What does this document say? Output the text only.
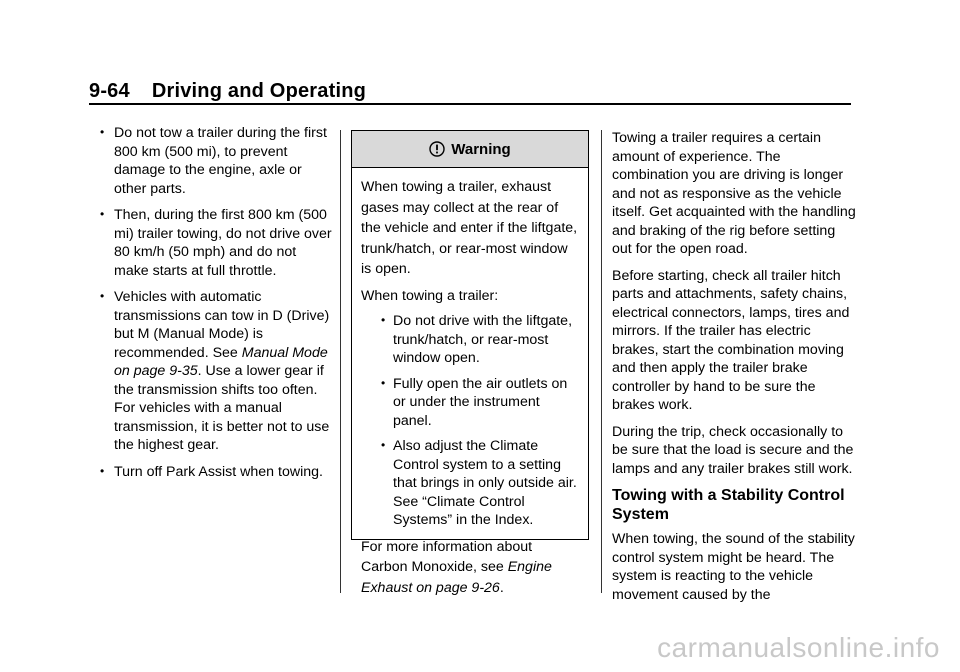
9-64 Driving and Operating
• Do not tow a trailer during the first 800 km (500 mi), to prevent damage to the engine, axle or other parts.
• Then, during the first 800 km (500 mi) trailer towing, do not drive over 80 km/h (50 mph) and do not make starts at full throttle.
• Vehicles with automatic transmissions can tow in D (Drive) but M (Manual Mode) is recommended. See Manual Mode on page 9-35. Use a lower gear if the transmission shifts too often. For vehicles with a manual transmission, it is better not to use the highest gear.
• Turn off Park Assist when towing.
Warning

When towing a trailer, exhaust gases may collect at the rear of the vehicle and enter if the liftgate, trunk/hatch, or rear-most window is open.

When towing a trailer:

• Do not drive with the liftgate, trunk/hatch, or rear-most window open.
• Fully open the air outlets on or under the instrument panel.
• Also adjust the Climate Control system to a setting that brings in only outside air. See “Climate Control Systems” in the Index.

For more information about Carbon Monoxide, see Engine Exhaust on page 9-26.

Towing a trailer requires a certain amount of experience. The combination you are driving is longer and not as responsive as the vehicle itself. Get acquainted with the handling and braking of the rig before setting out for the open road.

Before starting, check all trailer hitch parts and attachments, safety chains, electrical connectors, lamps, tires and mirrors. If the trailer has electric brakes, start the combination moving and then apply the trailer brake controller by hand to be sure the brakes work.

During the trip, check occasionally to be sure that the load is secure and the lamps and any trailer brakes still work.

Towing with a Stability Control System

When towing, the sound of the stability control system might be heard. The system is reacting to the vehicle movement caused by the

carmanualsonline.info
